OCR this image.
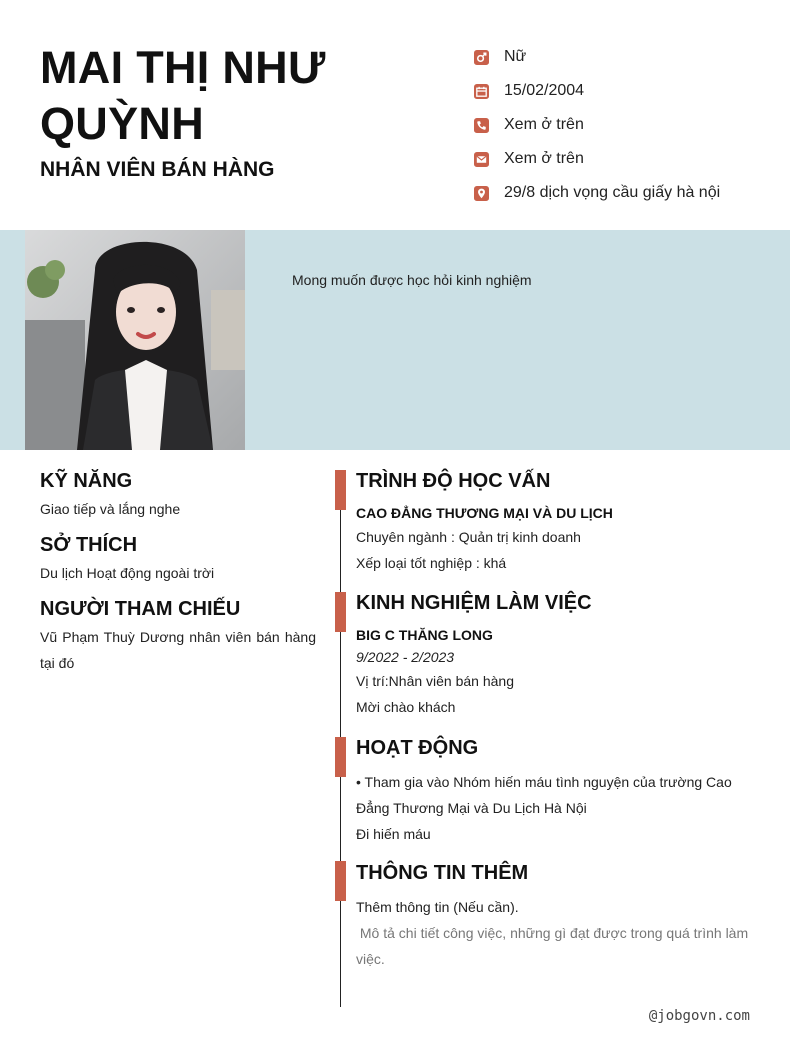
MAI THỊ NHƯ QUỲNH
NHÂN VIÊN BÁN HÀNG
Nữ
15/02/2004
Xem ở trên
Xem ở trên
29/8 dịch vọng cầu giấy hà nội
Mong muốn được học hỏi kinh nghiệm
KỸ NĂNG
Giao tiếp và lắng nghe
SỞ THÍCH
Du lịch Hoạt động ngoài trời
NGƯỜI THAM CHIẾU
Vũ Phạm Thuỳ Dương nhân viên bán hàng tại đó
TRÌNH ĐỘ HỌC VẤN
CAO ĐẲNG THƯƠNG MẠI VÀ DU LỊCH
Chuyên ngành : Quản trị kinh doanh
Xếp loại tốt nghiệp : khá
KINH NGHIỆM LÀM VIỆC
BIG C THĂNG LONG
9/2022 - 2/2023
Vị trí:Nhân viên bán hàng
Mời chào khách
HOẠT ĐỘNG
• Tham gia vào Nhóm hiến máu tình nguyện của trường Cao Đẳng Thương Mại và Du Lịch Hà Nội
Đi hiến máu
THÔNG TIN THÊM
Thêm thông tin (Nếu cần).
Mô tả chi tiết công việc, những gì đạt được trong quá trình làm việc.
@jobgovn.com
